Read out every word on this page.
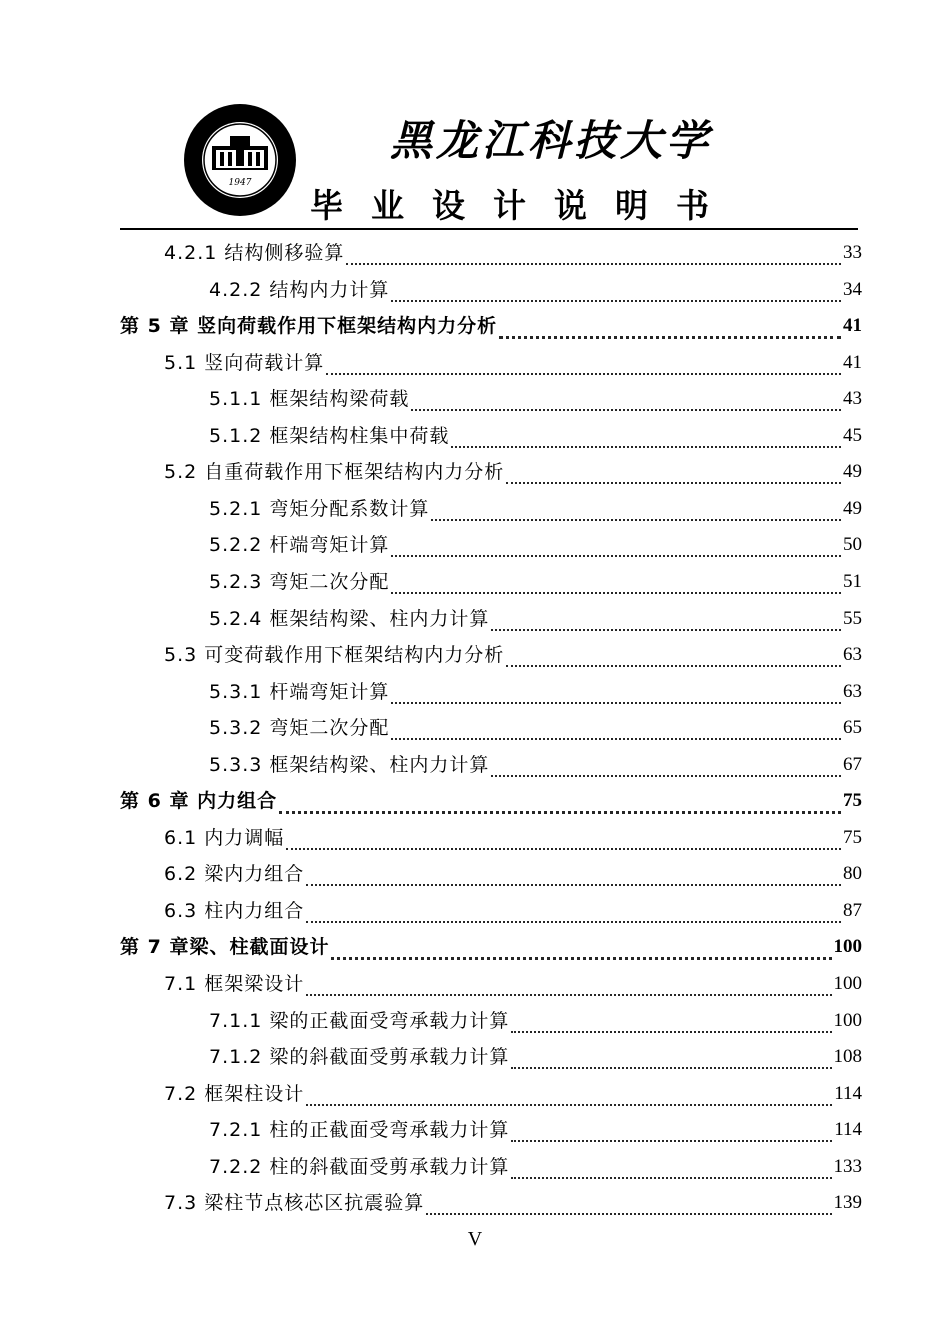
1947
黑龙江科技大学
毕业设计说明书
4.2.1 结构侧移验算	33
4.2.2 结构内力计算	34
第 5 章 竖向荷载作用下框架结构内力分析	41
5.1 竖向荷载计算	41
5.1.1 框架结构梁荷载	43
5.1.2 框架结构柱集中荷载	45
5.2 自重荷载作用下框架结构内力分析	49
5.2.1 弯矩分配系数计算	49
5.2.2 杆端弯矩计算	50
5.2.3 弯矩二次分配	51
5.2.4 框架结构梁、柱内力计算	55
5.3 可变荷载作用下框架结构内力分析	63
5.3.1 杆端弯矩计算	63
5.3.2 弯矩二次分配	65
5.3.3 框架结构梁、柱内力计算	67
第 6 章 内力组合	75
6.1 内力调幅	75
6.2 梁内力组合	80
6.3 柱内力组合	87
第 7 章梁、柱截面设计	100
7.1 框架梁设计	100
7.1.1 梁的正截面受弯承载力计算	100
7.1.2 梁的斜截面受剪承载力计算	108
7.2 框架柱设计	114
7.2.1 柱的正截面受弯承载力计算	114
7.2.2 柱的斜截面受剪承载力计算	133
7.3 梁柱节点核芯区抗震验算	139
V
